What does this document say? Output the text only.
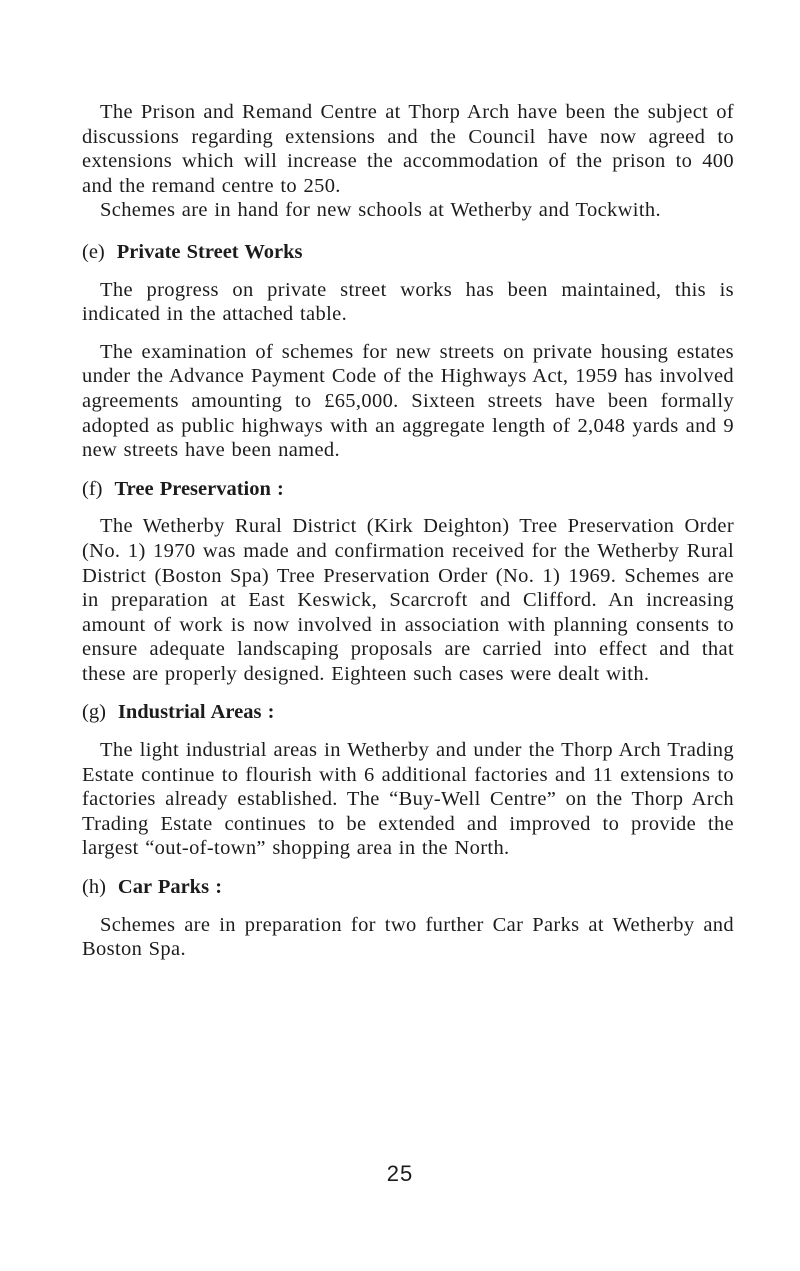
The Prison and Remand Centre at Thorp Arch have been the subject of discussions regarding extensions and the Council have now agreed to extensions which will increase the accommodation of the prison to 400 and the remand centre to 250.

Schemes are in hand for new schools at Wetherby and Tockwith.

(e) Private Street Works

The progress on private street works has been maintained, this is indicated in the attached table.

The examination of schemes for new streets on private housing estates under the Advance Payment Code of the Highways Act, 1959 has involved agreements amounting to £65,000. Sixteen streets have been formally adopted as public highways with an aggregate length of 2,048 yards and 9 new streets have been named.

(f) Tree Preservation :

The Wetherby Rural District (Kirk Deighton) Tree Preservation Order (No. 1) 1970 was made and confirmation received for the Wetherby Rural District (Boston Spa) Tree Preservation Order (No. 1) 1969. Schemes are in preparation at East Keswick, Scarcroft and Clifford. An increasing amount of work is now involved in association with planning consents to ensure adequate landscaping proposals are carried into effect and that these are properly designed. Eighteen such cases were dealt with.

(g) Industrial Areas :

The light industrial areas in Wetherby and under the Thorp Arch Trading Estate continue to flourish with 6 additional factories and 11 extensions to factories already established. The “Buy-Well Centre” on the Thorp Arch Trading Estate continues to be extended and improved to provide the largest “out-of-town” shopping area in the North.

(h) Car Parks :

Schemes are in preparation for two further Car Parks at Wetherby and Boston Spa.

25
